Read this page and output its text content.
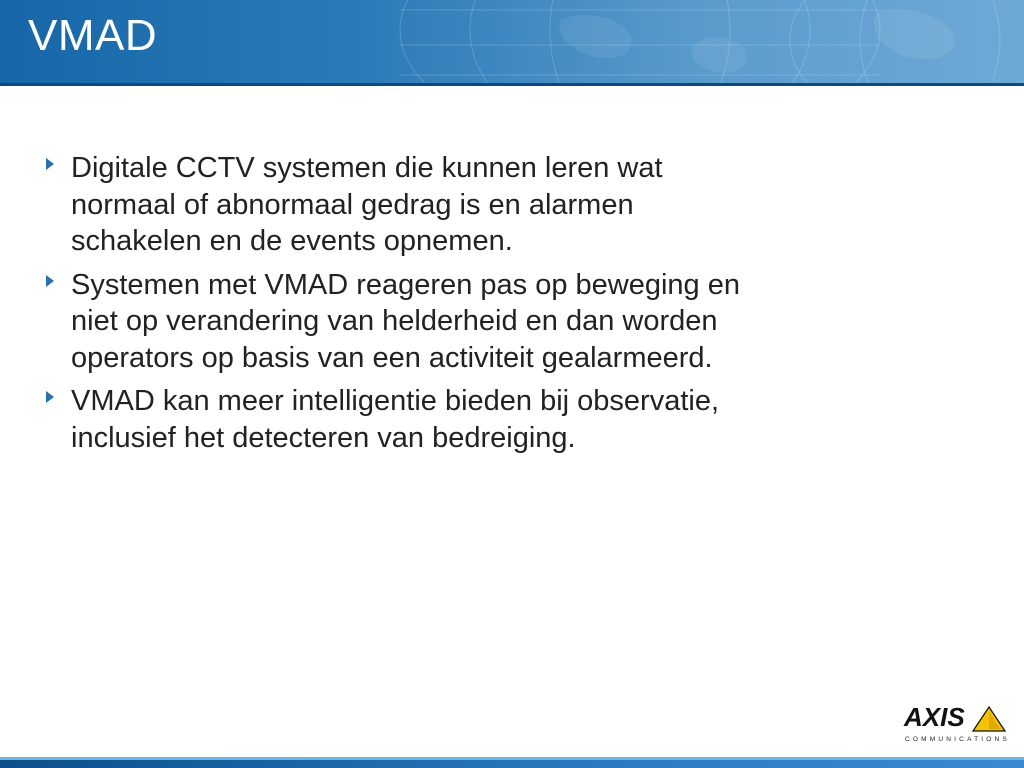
VMAD
Digitale CCTV systemen die kunnen leren wat normaal of abnormaal gedrag is en alarmen schakelen en de events opnemen.
Systemen met VMAD reageren pas op beweging en niet op verandering van helderheid en dan worden operators op basis van een activiteit gealarmeerd.
VMAD kan meer intelligentie bieden bij observatie, inclusief het detecteren van bedreiging.
AXIS
COMMUNICATIONS
